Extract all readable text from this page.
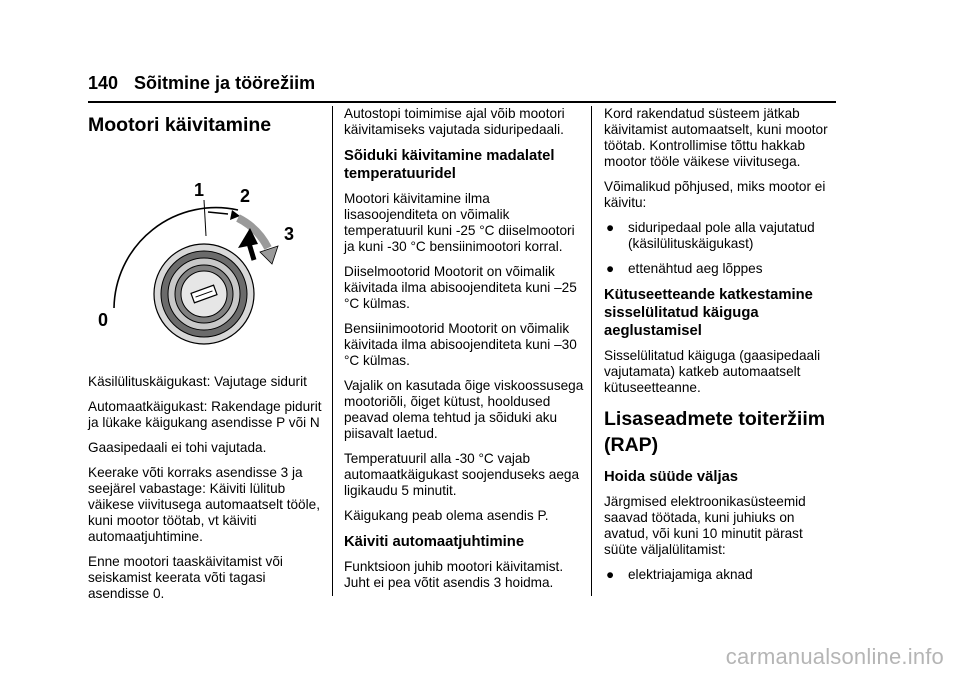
140 Sõitmine ja töörežiim
Mootori käivitamine
0
1 2
3

Käsilülituskäigukast: Vajutage sidurit

Automaatkäigukast: Rakendage pidurit ja lükake käigukang asendisse P või N

Gaasipedaali ei tohi vajutada.

Keerake võti korraks asendisse 3 ja seejärel vabastage: Käiviti lülitub väikese viivitusega automaatselt tööle, kuni mootor töötab, vt käiviti automaatjuhtimine.

Enne mootori taaskäivitamist või seiskamist keerata võti tagasi asendisse 0.

Autostopi toimimise ajal võib mootori käivitamiseks vajutada siduripedaali.

Sõiduki käivitamine madalatel temperatuuridel

Mootori käivitamine ilma lisasoojenditeta on võimalik temperatuuril kuni -25 °C diiselmootori ja kuni -30 °C bensiinimootori korral.

Diiselmootorid Mootorit on võimalik käivitada ilma abisoojenditeta kuni –25 °C külmas.

Bensiinimootorid Mootorit on võimalik käivitada ilma abisoojenditeta kuni –30 °C külmas.

Vajalik on kasutada õige viskoossusega mootoriõli, õiget kütust, hooldused peavad olema tehtud ja sõiduki aku piisavalt laetud.

Temperatuuril alla -30 °C vajab automaatkäigukast soojenduseks aega ligikaudu 5 minutit.

Käigukang peab olema asendis P.

Käiviti automaatjuhtimine

Funktsioon juhib mootori käivitamist. Juht ei pea võtit asendis 3 hoidma.

Kord rakendatud süsteem jätkab käivitamist automaatselt, kuni mootor töötab. Kontrollimise tõttu hakkab mootor tööle väikese viivitusega.

Võimalikud põhjused, miks mootor ei käivitu:

● siduripedaal pole alla vajutatud (käsilülituskäigukast)
● ettenähtud aeg lõppes
Kütuseetteande katkestamine sisselülitatud käiguga aeglustamisel

Sisselülitatud käiguga (gaasipedaali vajutamata) katkeb automaatselt kütuseetteanne.

Lisaseadmete toiteržiim (RAP)
Hoida süüde väljas

Järgmised elektroonikasüsteemid saavad töötada, kuni juhiuks on avatud, või kuni 10 minutit pärast süüte väljalülitamist:

● elektriajamiga aknad
carmanualsonline.info
